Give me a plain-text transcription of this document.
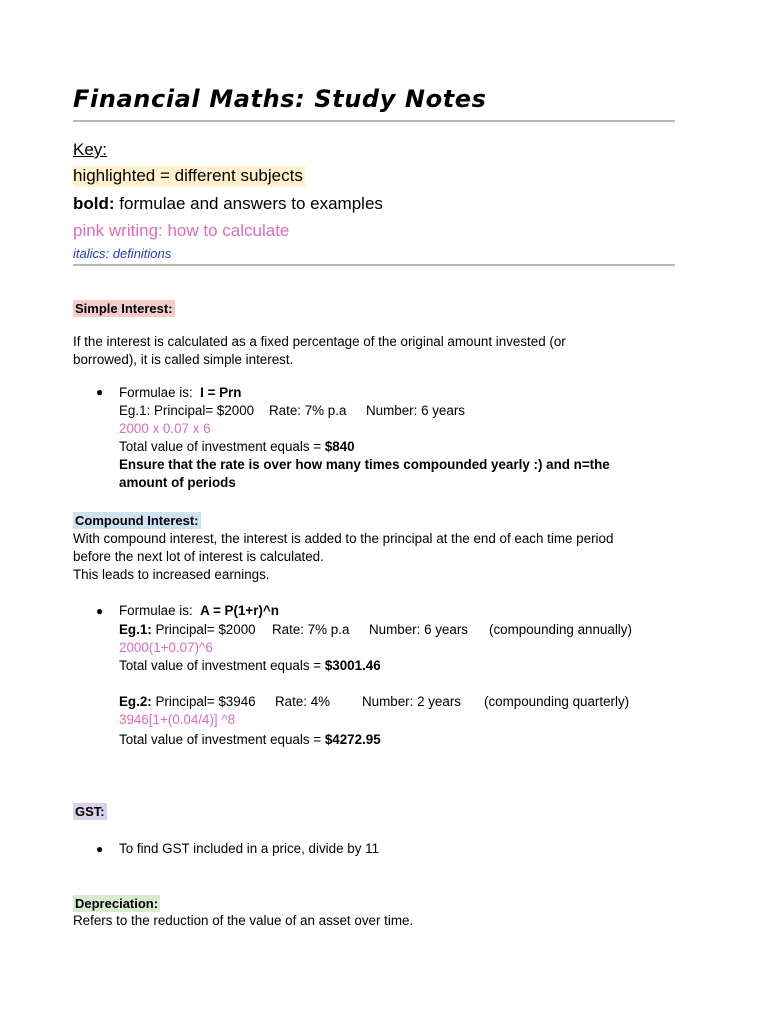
Financial Maths: Study Notes
Key:
highlighted = different subjects
bold: formulae and answers to examples
pink writing: how to calculate
italics: definitions
Simple Interest:
If the interest is calculated as a fixed percentage of the original amount invested (or
borrowed), it is called simple interest.
● Formulae is: I = Prn
Eg.1: Principal= $2000 Rate: 7% p.a Number: 6 years
2000 x 0.07 x 6
Total value of investment equals = $840
Ensure that the rate is over how many times compounded yearly :) and n=the
amount of periods
Compound Interest:
With compound interest, the interest is added to the principal at the end of each time period
before the next lot of interest is calculated.
This leads to increased earnings.
● Formulae is: A = P(1+r)^n
Eg.1: Principal= $2000 Rate: 7% p.a Number: 6 years (compounding annually)
2000(1+0.07)^6
Total value of investment equals = $3001.46
Eg.2: Principal= $3946 Rate: 4% Number: 2 years (compounding quarterly)
3946[1+(0.04/4)] ^8
Total value of investment equals = $4272.95
GST:
● To find GST included in a price, divide by 11
Depreciation:
Refers to the reduction of the value of an asset over time.
